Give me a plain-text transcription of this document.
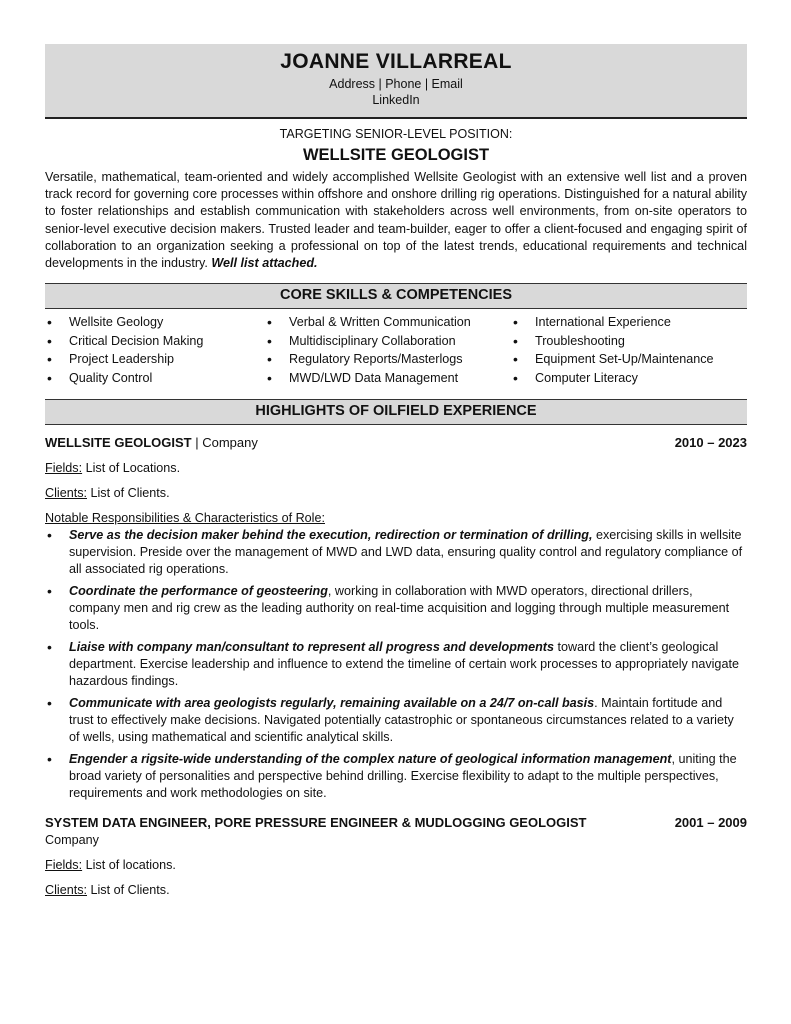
JOANNE VILLARREAL
Address | Phone | Email
LinkedIn
TARGETING SENIOR-LEVEL POSITION:
WELLSITE GEOLOGIST

Versatile, mathematical, team-oriented and widely accomplished Wellsite Geologist with an extensive well list and a proven track record for governing core processes within offshore and onshore drilling rig operations. Distinguished for a natural ability to foster relationships and establish communication with stakeholders across well environments, from on-site operators to senior-level executive decision makers. Trusted leader and team-builder, eager to offer a client-focused and engaging spirit of collaboration to an organization seeking a professional on top of the latest trends, educational requirements and technical developments in the industry. Well list attached.

CORE SKILLS & COMPETENCIES
• Wellsite Geology
• Critical Decision Making
• Project Leadership
• Quality Control
• Verbal & Written Communication
• Multidisciplinary Collaboration
• Regulatory Reports/Masterlogs
• MWD/LWD Data Management
• International Experience
• Troubleshooting
• Equipment Set-Up/Maintenance
• Computer Literacy
HIGHLIGHTS OF OILFIELD EXPERIENCE
WELLSITE GEOLOGIST | Company	2010 – 2023
Fields: List of Locations.
Clients: List of Clients.
Notable Responsibilities & Characteristics of Role:
• Serve as the decision maker behind the execution, redirection or termination of drilling, exercising skills in wellsite supervision. Preside over the management of MWD and LWD data, ensuring quality control and regulatory compliance of all associated rig operations.
• Coordinate the performance of geosteering, working in collaboration with MWD operators, directional drillers, company men and rig crew as the leading authority on real-time acquisition and logging through multiple measurement tools.
• Liaise with company man/consultant to represent all progress and developments toward the client’s geological department. Exercise leadership and influence to extend the timeline of certain work processes to appropriately navigate hazardous findings.
• Communicate with area geologists regularly, remaining available on a 24/7 on-call basis. Maintain fortitude and trust to effectively make decisions. Navigated potentially catastrophic or spontaneous circumstances related to a variety of wells, using mathematical and scientific analytical skills.
• Engender a rigsite-wide understanding of the complex nature of geological information management, uniting the broad variety of personalities and perspective behind drilling. Exercise flexibility to adapt to the multiple perspectives, requirements and work methodologies on site.
SYSTEM DATA ENGINEER, PORE PRESSURE ENGINEER & MUDLOGGING GEOLOGIST	2001 – 2009
Company
Fields: List of locations.
Clients: List of Clients.
